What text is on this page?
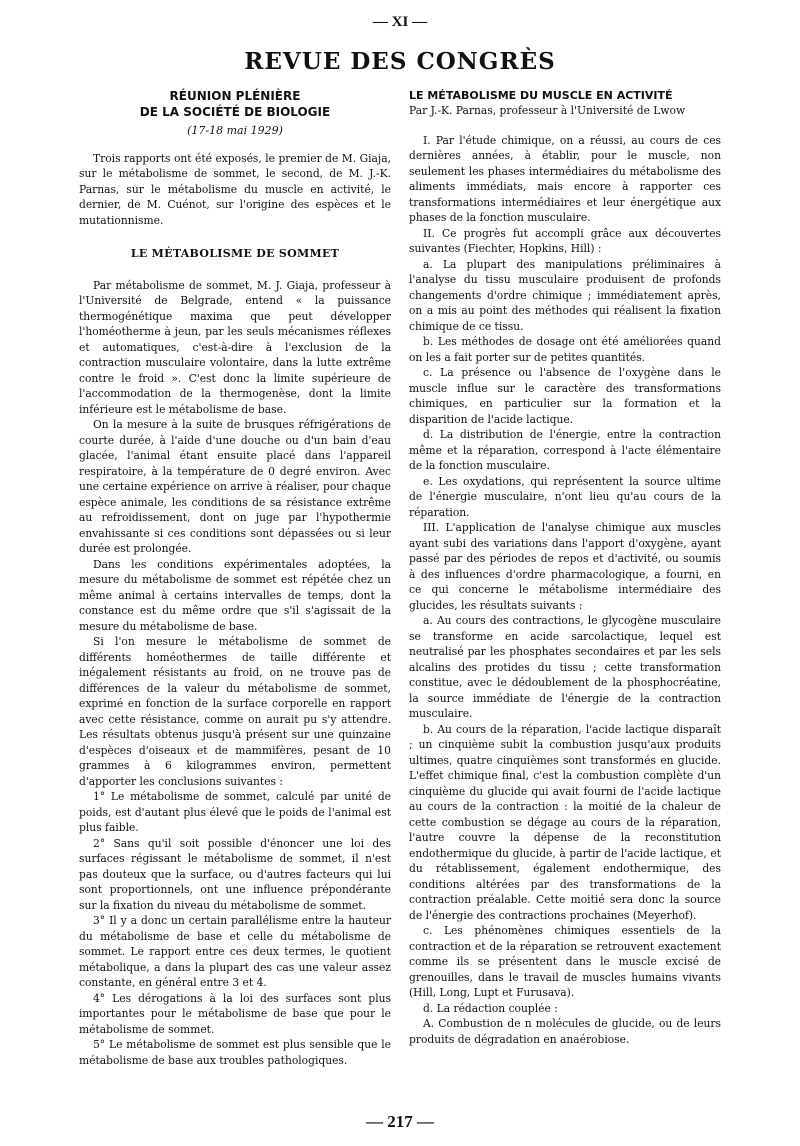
— XI —
REVUE DES CONGRÈS

RÉUNION PLÉNIÈRE

DE LA SOCIÉTÉ DE BIOLOGIE

(17-18 mai 1929)

Trois rapports ont été exposés, le premier de M. Giaja, sur le métabolisme de sommet, le second, de M. J.-K. Parnas, sur le métabolisme du muscle en activité, le dernier, de M. Cuénot, sur l'origine des espèces et le mutationnisme.

LE MÉTABOLISME DE SOMMET

Par métabolisme de sommet, M. J. Giaja, professeur à l'Université de Belgrade, entend « la puissance thermogénétique maxima que peut développer l'homéotherme à jeun, par les seuls mécanismes réflexes et automatiques, c'est-à-dire à l'exclusion de la contraction musculaire volontaire, dans la lutte extrême contre le froid ». C'est donc la limite supérieure de l'accommodation de la thermogenèse, dont la limite inférieure est le métabolisme de base.

On la mesure à la suite de brusques réfrigérations de courte durée, à l'aide d'une douche ou d'un bain d'eau glacée, l'animal étant ensuite placé dans l'appareil respiratoire, à la température de 0 degré environ. Avec une certaine expérience on arrive à réaliser, pour chaque espèce animale, les conditions de sa résistance extrême au refroidissement, dont on juge par l'hypothermie envahissante si ces conditions sont dépassées ou si leur durée est prolongée.

Dans les conditions expérimentales adoptées, la mesure du métabolisme de sommet est répétée chez un même animal à certains intervalles de temps, dont la constance est du même ordre que s'il s'agissait de la mesure du métabolisme de base.

Si l'on mesure le métabolisme de sommet de différents homéothermes de taille différente et inégalement résistants au froid, on ne trouve pas de différences de la valeur du métabolisme de sommet, exprimé en fonction de la surface corporelle en rapport avec cette résistance, comme on aurait pu s'y attendre. Les résultats obtenus jusqu'à présent sur une quinzaine d'espèces d'oiseaux et de mammifères, pesant de 10 grammes à 6 kilogrammes environ, permettent d'apporter les conclusions suivantes :

1° Le métabolisme de sommet, calculé par unité de poids, est d'autant plus élevé que le poids de l'animal est plus faible.

2° Sans qu'il soit possible d'énoncer une loi des surfaces régissant le métabolisme de sommet, il n'est pas douteux que la surface, ou d'autres facteurs qui lui sont proportionnels, ont une influence prépondérante sur la fixation du niveau du métabolisme de sommet.

3° Il y a donc un certain parallélisme entre la hauteur du métabolisme de base et celle du métabolisme de sommet. Le rapport entre ces deux termes, le quotient métabolique, a dans la plupart des cas une valeur assez constante, en général entre 3 et 4.

4° Les dérogations à la loi des surfaces sont plus importantes pour le métabolisme de base que pour le métabolisme de sommet.

5° Le métabolisme de sommet est plus sensible que le métabolisme de base aux troubles pathologiques.

LE MÉTABOLISME DU MUSCLE EN ACTIVITÉ

Par J.-K. Parnas, professeur à l'Université de Lwow

I. Par l'étude chimique, on a réussi, au cours de ces dernières années, à établir, pour le muscle, non seulement les phases intermédiaires du métabolisme des aliments immédiats, mais encore à rapporter ces transformations intermédiaires et leur énergétique aux phases de la fonction musculaire.

II. Ce progrès fut accompli grâce aux découvertes suivantes (Fiechter, Hopkins, Hill) :

a. La plupart des manipulations préliminaires à l'analyse du tissu musculaire produisent de profonds changements d'ordre chimique ; immédiatement après, on a mis au point des méthodes qui réalisent la fixation chimique de ce tissu.

b. Les méthodes de dosage ont été améliorées quand on les a fait porter sur de petites quantités.

c. La présence ou l'absence de l'oxygène dans le muscle influe sur le caractère des transformations chimiques, en particulier sur la formation et la disparition de l'acide lactique.

d. La distribution de l'énergie, entre la contraction même et la réparation, correspond à l'acte élémentaire de la fonction musculaire.

e. Les oxydations, qui représentent la source ultime de l'énergie musculaire, n'ont lieu qu'au cours de la réparation.

III. L'application de l'analyse chimique aux muscles ayant subi des variations dans l'apport d'oxygène, ayant passé par des périodes de repos et d'activité, ou soumis à des influences d'ordre pharmacologique, a fourni, en ce qui concerne le métabolisme intermédiaire des glucides, les résultats suivants :

a. Au cours des contractions, le glycogène musculaire se transforme en acide sarcolactique, lequel est neutralisé par les phosphates secondaires et par les sels alcalins des protides du tissu ; cette transformation constitue, avec le dédoublement de la phosphocréatine, la source immédiate de l'énergie de la contraction musculaire.

b. Au cours de la réparation, l'acide lactique disparaît ; un cinquième subit la combustion jusqu'aux produits ultimes, quatre cinquièmes sont transformés en glucide. L'effet chimique final, c'est la combustion complète d'un cinquième du glucide qui avait fourni de l'acide lactique au cours de la contraction : la moitié de la chaleur de cette combustion se dégage au cours de la réparation, l'autre couvre la dépense de la reconstitution endothermique du glucide, à partir de l'acide lactique, et du rétablissement, également endothermique, des conditions altérées par des transformations de la contraction préalable. Cette moitié sera donc la source de l'énergie des contractions prochaines (Meyerhof).

c. Les phénomènes chimiques essentiels de la contraction et de la réparation se retrouvent exactement comme ils se présentent dans le muscle excisé de grenouilles, dans le travail de muscles humains vivants (Hill, Long, Lupt et Furusava).

d. La rédaction couplée :

A. Combustion de n molécules de glucide, ou de leurs produits de dégradation en anaérobiose.

— 217 —
